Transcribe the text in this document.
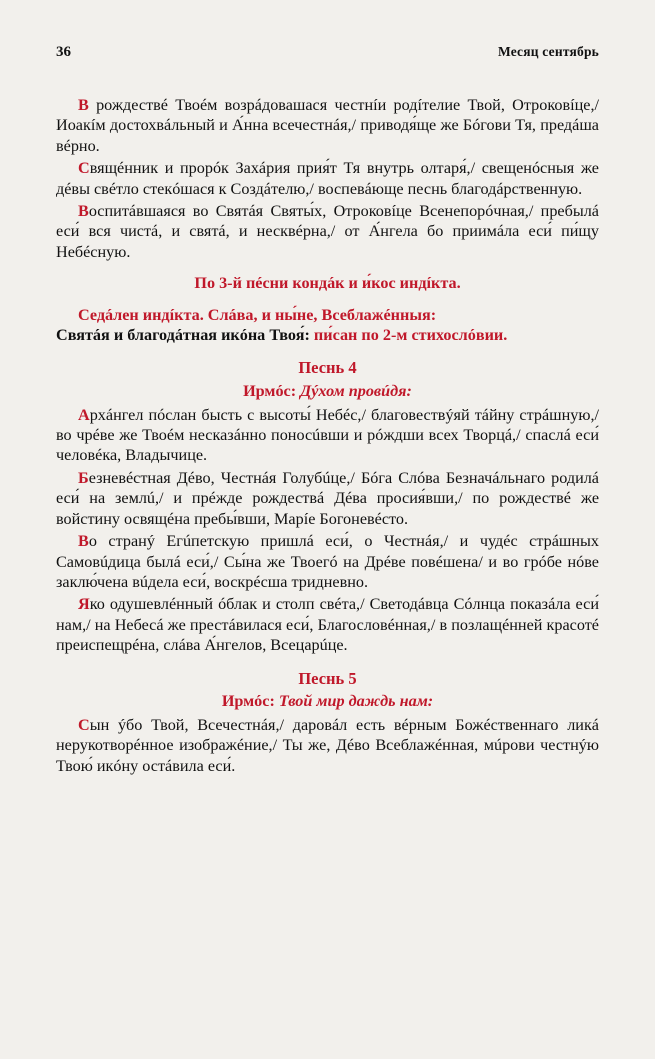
36	Месяц сентябрь

В рождествé Твоéм возрáдовашася честнíи родíтелие Твой, Отроковíце,/ Иоакíм достохвáльный и А́нна всечестнáя,/ приводя́ще же Бóгови Тя, предáша вéрно.

Свящéнник и прорóк Захáрия прия́т Тя внутрь олтаря́,/ свещенóсныя же дéвы свéтло стекóшася к Создáтелю,/ воспевáюще песнь благодáрственную.

Воспитáвшаяся во Святáя Святы́х, Отроковíце Всенепорóчная,/ пребылá еси́ вся чистá, и святá, и несквéрна,/ от А́нгела бо приимáла еси́ пи́щу Небéсную.

По 3-й пéсни кондáк и и́кос индíкта.

Седáлен индíкта. Слáва, и ны́не, Всеблажéнныя:
Святáя и благодáтная икóна Твоя́: пи́сан по 2-м стихослóвии.

Песнь 4

Ирмóс: Дýхом провúдя:

Архáнгел пóслан бысть с высоты́ Небéс,/ благовествýяй тáйну стрáшную,/ во чрéве же Твоéм несказáнно поносúвши и рóждши всех Творцá,/ спаслá еси́ человéка, Владычице.

Безневéстная Дéво, Честнáя Голубúце,/ Бóга Слóва Безначáльнаго родилá еси́ на землú,/ и прéжде рождествá Дéва просия́вши,/ по рождествé же войстину освящéна пребы́вши, Марíе Богоневéсто.

Во странý Егúпетскую пришлá еси́, о Честнáя,/ и чудéс стрáшных Самовúдица былá еси́,/ Сы́на же Твоегó на Дрéве повéшена/ и во грóбе нóве заклю́чена вúдела еси́, воскрéсша тридневно.

Яко одушевлéнный óблак и столп свéта,/ Светодáвца Сóлнца показáла еси́ нам,/ на Небесá же престáвилася еси́, Благословéнная,/ в позлащéнней красотé преиспещрéна, слáва А́нгелов, Всецарúце.

Песнь 5

Ирмóс: Твой мир даждь нам:

Сын ýбо Твой, Всечестнáя,/ даровáл есть вéрным Божéственнаго ликá нерукотворéнное изображéние,/ Ты же, Дéво Всеблажéнная, мúрови честнýю Твою́ икóну остáвила еси́.
